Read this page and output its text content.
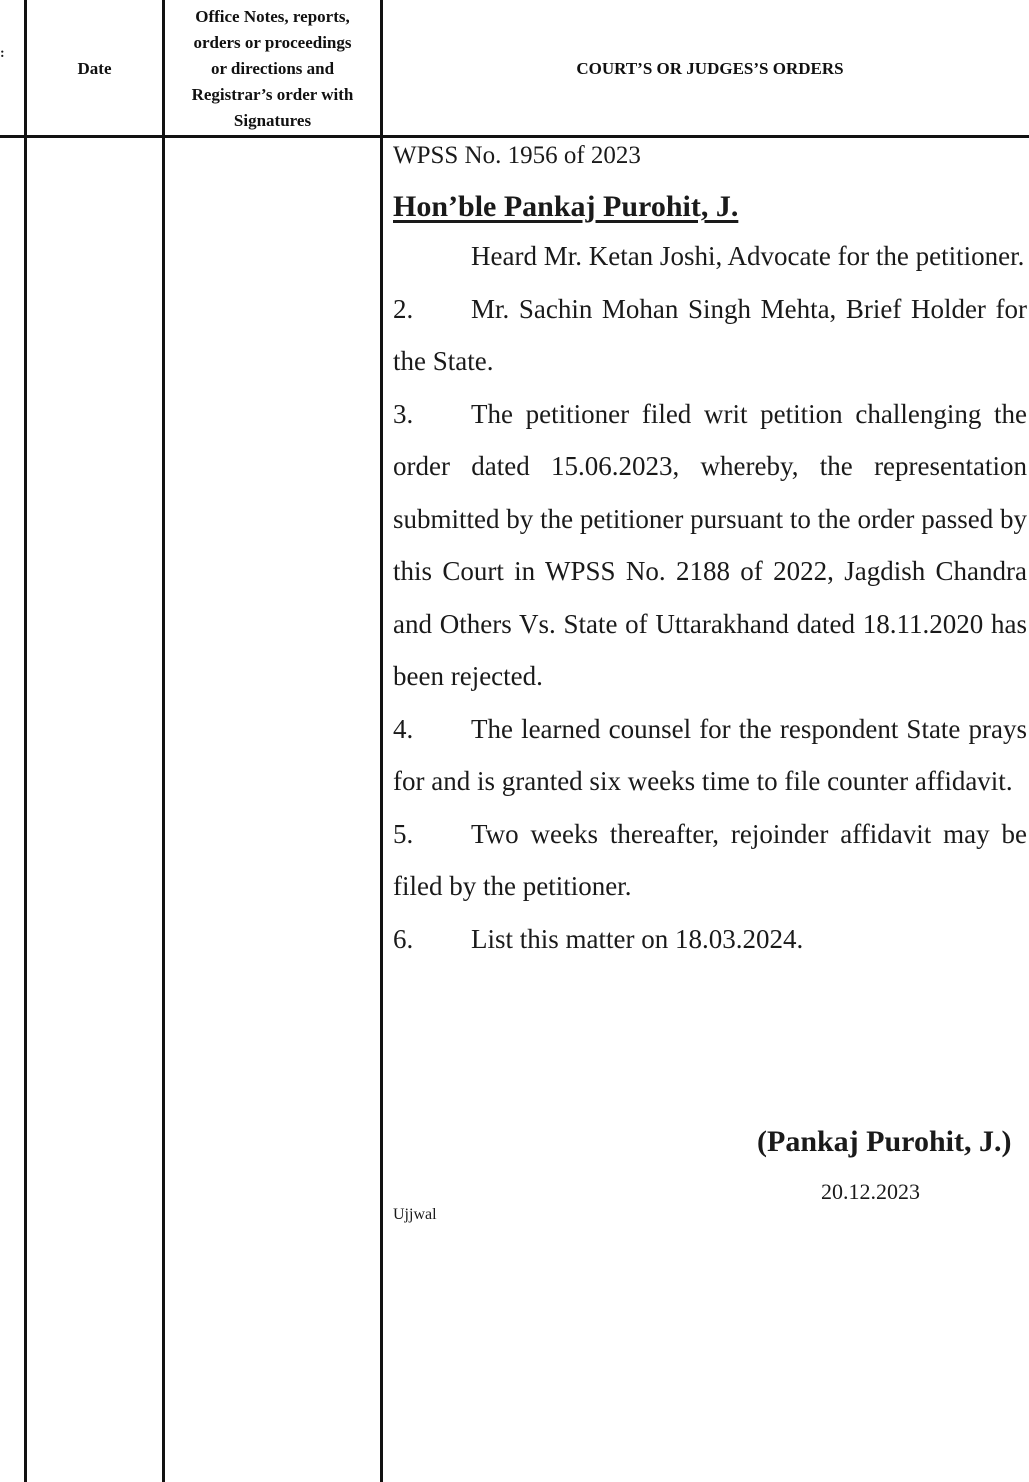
:
Date
Office Notes, reports,
orders or proceedings
or directions and
Registrar’s order with
Signatures
COURT’S OR JUDGES’S ORDERS
WPSS No. 1956 of 2023
Hon’ble Pankaj Purohit, J.

Heard Mr. Ketan Joshi, Advocate for the petitioner.

2. Mr. Sachin Mohan Singh Mehta, Brief Holder for the State.

3. The petitioner filed writ petition challenging the order dated 15.06.2023, whereby, the representation submitted by the petitioner pursuant to the order passed by this Court in WPSS No. 2188 of 2022, Jagdish Chandra and Others Vs. State of Uttarakhand dated 18.11.2020 has been rejected.

4. The learned counsel for the respondent State prays for and is granted six weeks time to file counter affidavit.

5. Two weeks thereafter, rejoinder affidavit may be filed by the petitioner.

6. List this matter on 18.03.2024.

(Pankaj Purohit, J.)
20.12.2023
Ujjwal
